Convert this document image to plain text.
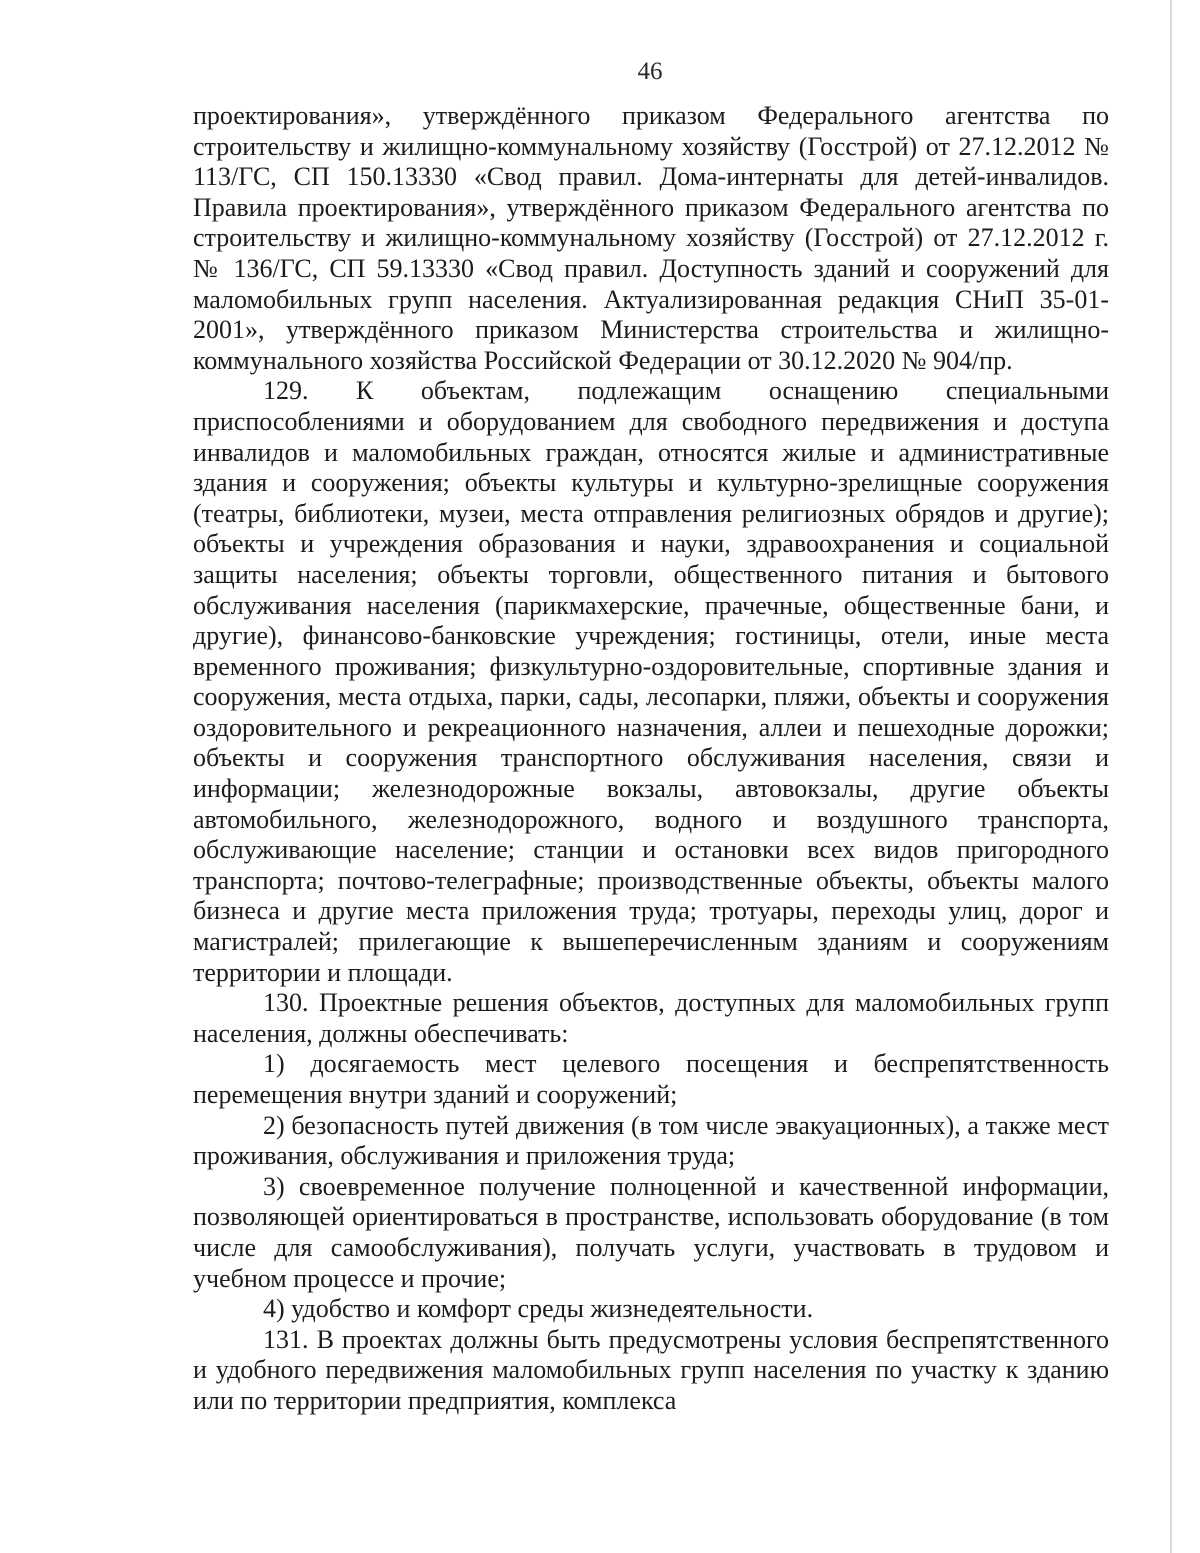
46

проектирования», утверждённого приказом Федерального агентства по строительству и жилищно-коммунальному хозяйству (Госстрой) от 27.12.2012 № 113/ГС, СП 150.13330 «Свод правил. Дома-интернаты для детей-инвалидов. Правила проектирования», утверждённого приказом Федерального агентства по строительству и жилищно-коммунальному хозяйству (Госстрой) от 27.12.2012 г. № 136/ГС, СП 59.13330 «Свод правил. Доступность зданий и сооружений для маломобильных групп населения. Актуализированная редакция СНиП 35-01-2001», утверждённого приказом Министерства строительства и жилищно-коммунального хозяйства Российской Федерации от 30.12.2020 № 904/пр.

129. К объектам, подлежащим оснащению специальными приспособлениями и оборудованием для свободного передвижения и доступа инвалидов и маломобильных граждан, относятся жилые и административные здания и сооружения; объекты культуры и культурно-зрелищные сооружения (театры, библиотеки, музеи, места отправления религиозных обрядов и другие); объекты и учреждения образования и науки, здравоохранения и социальной защиты населения; объекты торговли, общественного питания и бытового обслуживания населения (парикмахерские, прачечные, общественные бани, и другие), финансово-банковские учреждения; гостиницы, отели, иные места временного проживания; физкультурно-оздоровительные, спортивные здания и сооружения, места отдыха, парки, сады, лесопарки, пляжи, объекты и сооружения оздоровительного и рекреационного назначения, аллеи и пешеходные дорожки; объекты и сооружения транспортного обслуживания населения, связи и информации; железнодорожные вокзалы, автовокзалы, другие объекты автомобильного, железнодорожного, водного и воздушного транспорта, обслуживающие население; станции и остановки всех видов пригородного транспорта; почтово-телеграфные; производственные объекты, объекты малого бизнеса и другие места приложения труда; тротуары, переходы улиц, дорог и магистралей; прилегающие к вышеперечисленным зданиям и сооружениям территории и площади.

130. Проектные решения объектов, доступных для маломобильных групп населения, должны обеспечивать:

1) досягаемость мест целевого посещения и беспрепятственность перемещения внутри зданий и сооружений;

2) безопасность путей движения (в том числе эвакуационных), а также мест проживания, обслуживания и приложения труда;

3) своевременное получение полноценной и качественной информации, позволяющей ориентироваться в пространстве, использовать оборудование (в том числе для самообслуживания), получать услуги, участвовать в трудовом и учебном процессе и прочие;

4) удобство и комфорт среды жизнедеятельности.

131. В проектах должны быть предусмотрены условия беспрепятственного и удобного передвижения маломобильных групп населения по участку к зданию или по территории предприятия, комплекса
